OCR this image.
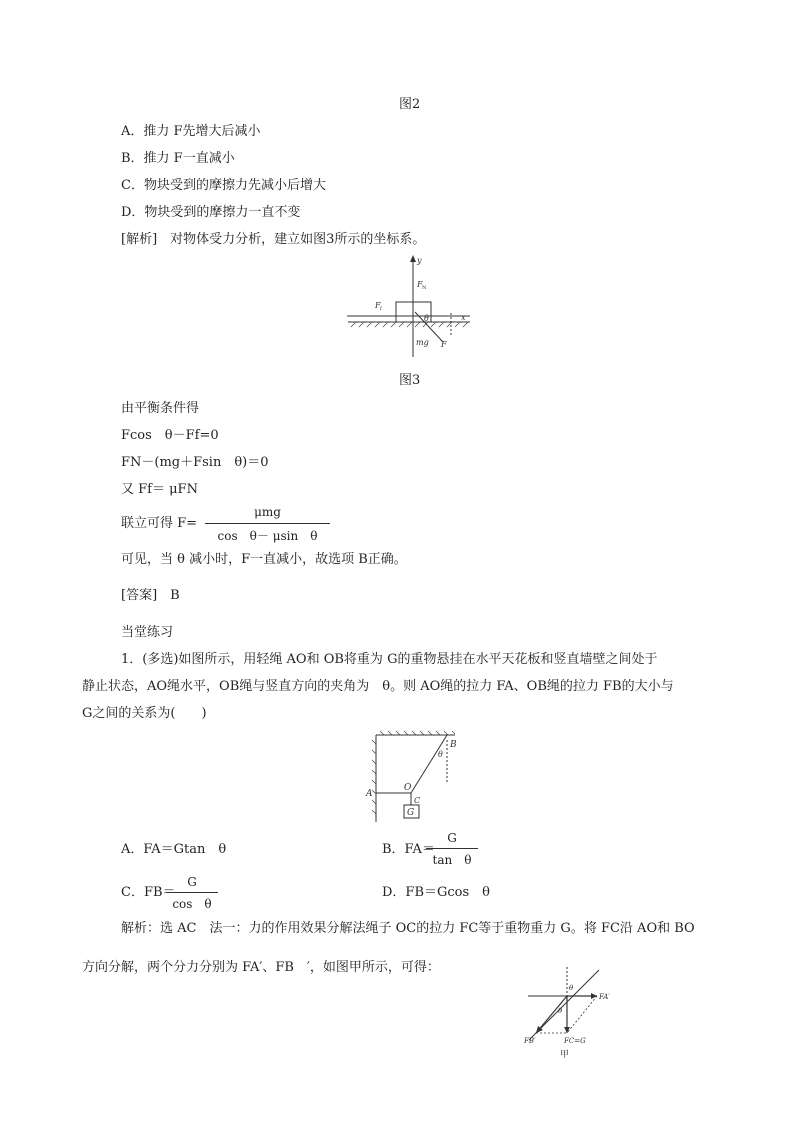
图2
A．推力 F先增大后减小
B．推力 F一直减小
C．物块受到的摩擦力先减小后增大
D．物块受到的摩擦力一直不变
[解析]　对物体受力分析，建立如图3所示的坐标系。
y
x
F N
F f
θ
mg F
图3
由平衡条件得
Fcos　θ－Ff=0
FN－(mg＋Fsin　θ)＝0
又 Ff＝ μFN
联立可得 F=
μmg
cos　θ－ μsin　θ
可见，当 θ 减小时，F一直减小，故选项 B正确。
[答案]　B
当堂练习
1．(多选)如图所示，用轻绳 AO和 OB将重为 G的重物悬挂在水平天花板和竖直墙壁之间处于
静止状态，AO绳水平，OB绳与竖直方向的夹角为　θ。则 AO绳的拉力 FA、OB绳的拉力 FB的大小与
G之间的关系为(　　)
A
B
O
C
G
θ
A．FA＝Gtan　θ	B．FA＝
G
tan　θ
C．FB＝
G
cos　θ
D．FB＝Gcos　θ
解析：选 AC　法一：力的作用效果分解法绳子 OC的拉力 FC等于重物重力 G。将 FC沿 AO和 BO
方向分解，两个分力分别为 FA′、FB　′，如图甲所示，可得：
FA′
FB′	FC=G
θ
θ
甲
